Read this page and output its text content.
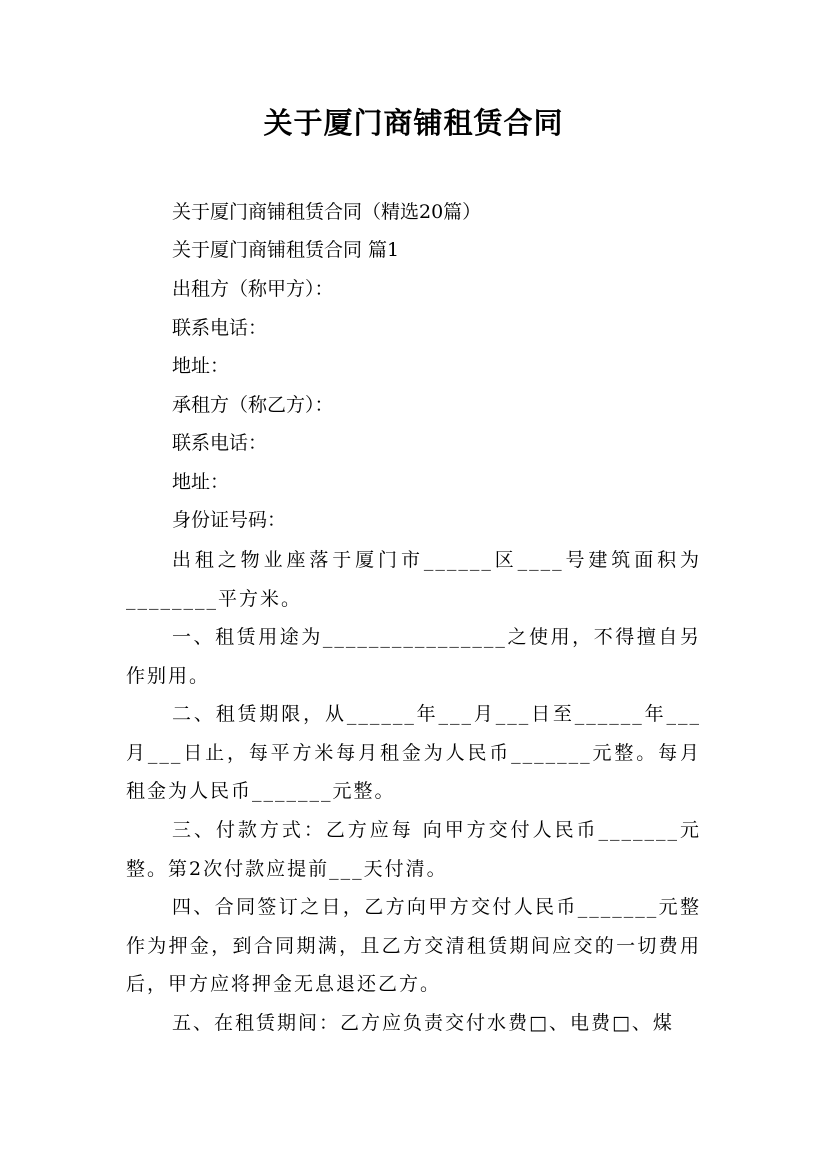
关于厦门商铺租赁合同
关于厦门商铺租赁合同（精选20篇）
关于厦门商铺租赁合同 篇1
出租方（称甲方）：
联系电话：
地址：
承租方（称乙方）：
联系电话：
地址：
身份证号码：

出租之物业座落于厦门市______区____号建筑面积为________平方米。

一、租赁用途为________________之使用，不得擅自另作别用。

二、租赁期限，从______年___月___日至______年___月___日止，每平方米每月租金为人民币_______元整。每月租金为人民币_______元整。

三、付款方式：乙方应每 向甲方交付人民币_______元整。第2次付款应提前___天付清。

四、合同签订之日，乙方向甲方交付人民币_______元整作为押金，到合同期满，且乙方交清租赁期间应交的一切费用后，甲方应将押金无息退还乙方。

五、在租赁期间：乙方应负责交付水费□、电费□、煤
